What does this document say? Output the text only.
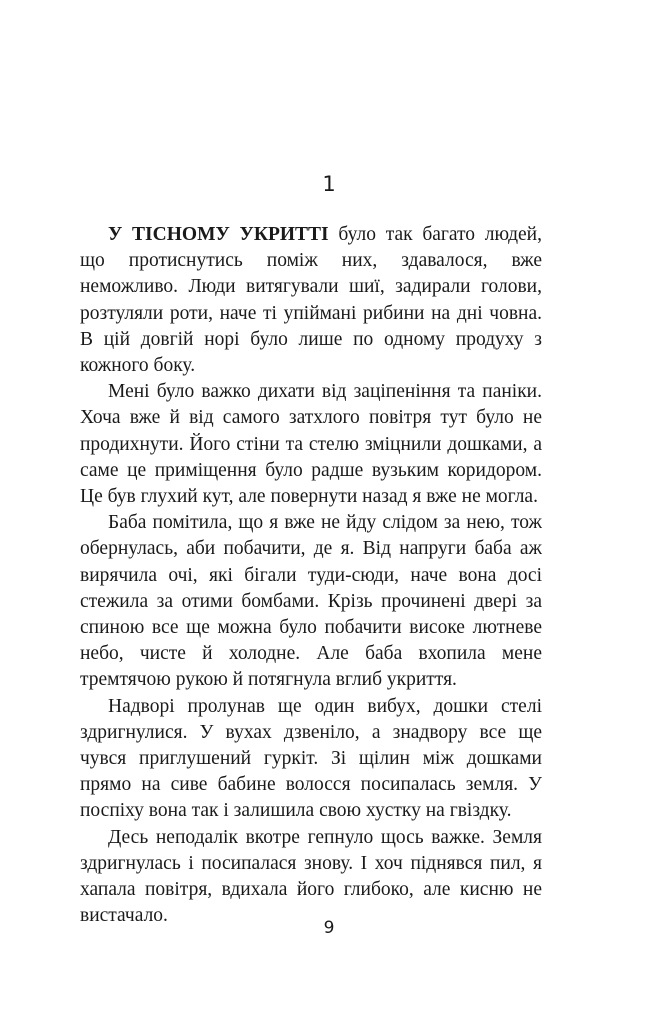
1

У ТІСНОМУ УКРИТТІ було так багато людей, що протиснутись поміж них, здавалося, вже неможливо. Люди витягували шиї, задирали голови, розтуляли роти, наче ті упіймані рибини на дні човна. В цій довгій норі було лише по одному продуху з кожного боку.

Мені було важко дихати від заціпеніння та паніки. Хоча вже й від самого затхлого повітря тут було не продихнути. Його стіни та стелю зміцнили дошками, а саме це приміщення було радше вузьким коридором. Це був глухий кут, але повернути назад я вже не могла.

Баба помітила, що я вже не йду слідом за нею, тож обернулась, аби побачити, де я. Від напруги баба аж вирячила очі, які бігали туди-сюди, наче вона досі стежила за отими бомбами. Крізь прочинені двері за спиною все ще можна було побачити високе лютневе небо, чисте й холодне. Але баба вхопила мене тремтячою рукою й потягнула вглиб укриття.

Надворі пролунав ще один вибух, дошки стелі здригнулися. У вухах дзвеніло, а знадвору все ще чувся приглушений гуркіт. Зі щілин між дошками прямо на сиве бабине волосся посипалась земля. У поспіху вона так і залишила свою хустку на гвіздку.

Десь неподалік вкотре гепнуло щось важке. Земля здригнулась і посипалася знову. І хоч піднявся пил, я хапала повітря, вдихала його глибоко, але кисню не вистачало.

9
